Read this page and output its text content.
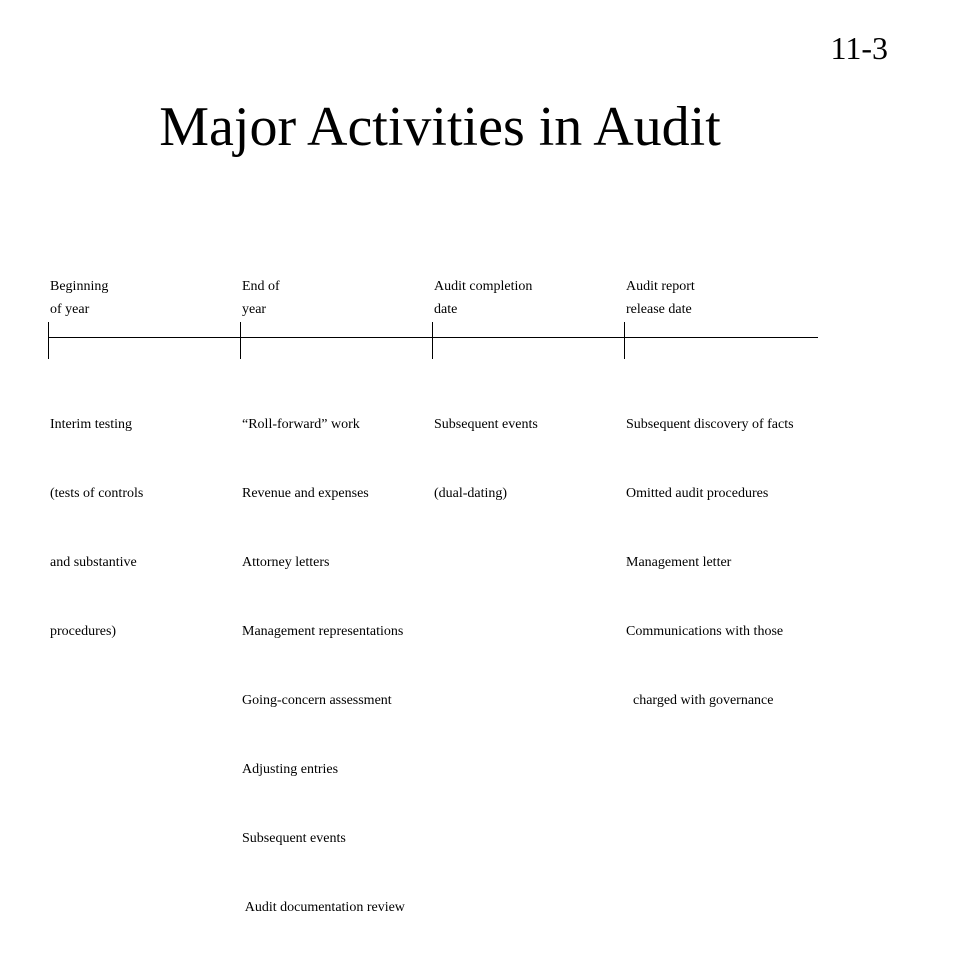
11-3
Major Activities in Audit
Beginning
of year

Interim testing

(tests of controls

and substantive

procedures)

End of
year

“Roll-forward” work

Revenue and expenses

Attorney letters

Management representations

Going-concern assessment

Adjusting entries

Subsequent events

Audit documentation review

Audit completion
date

Subsequent events

(dual-dating)

Audit report
release date

Subsequent discovery of facts

Omitted audit procedures

Management letter

Communications with those

charged with governance
